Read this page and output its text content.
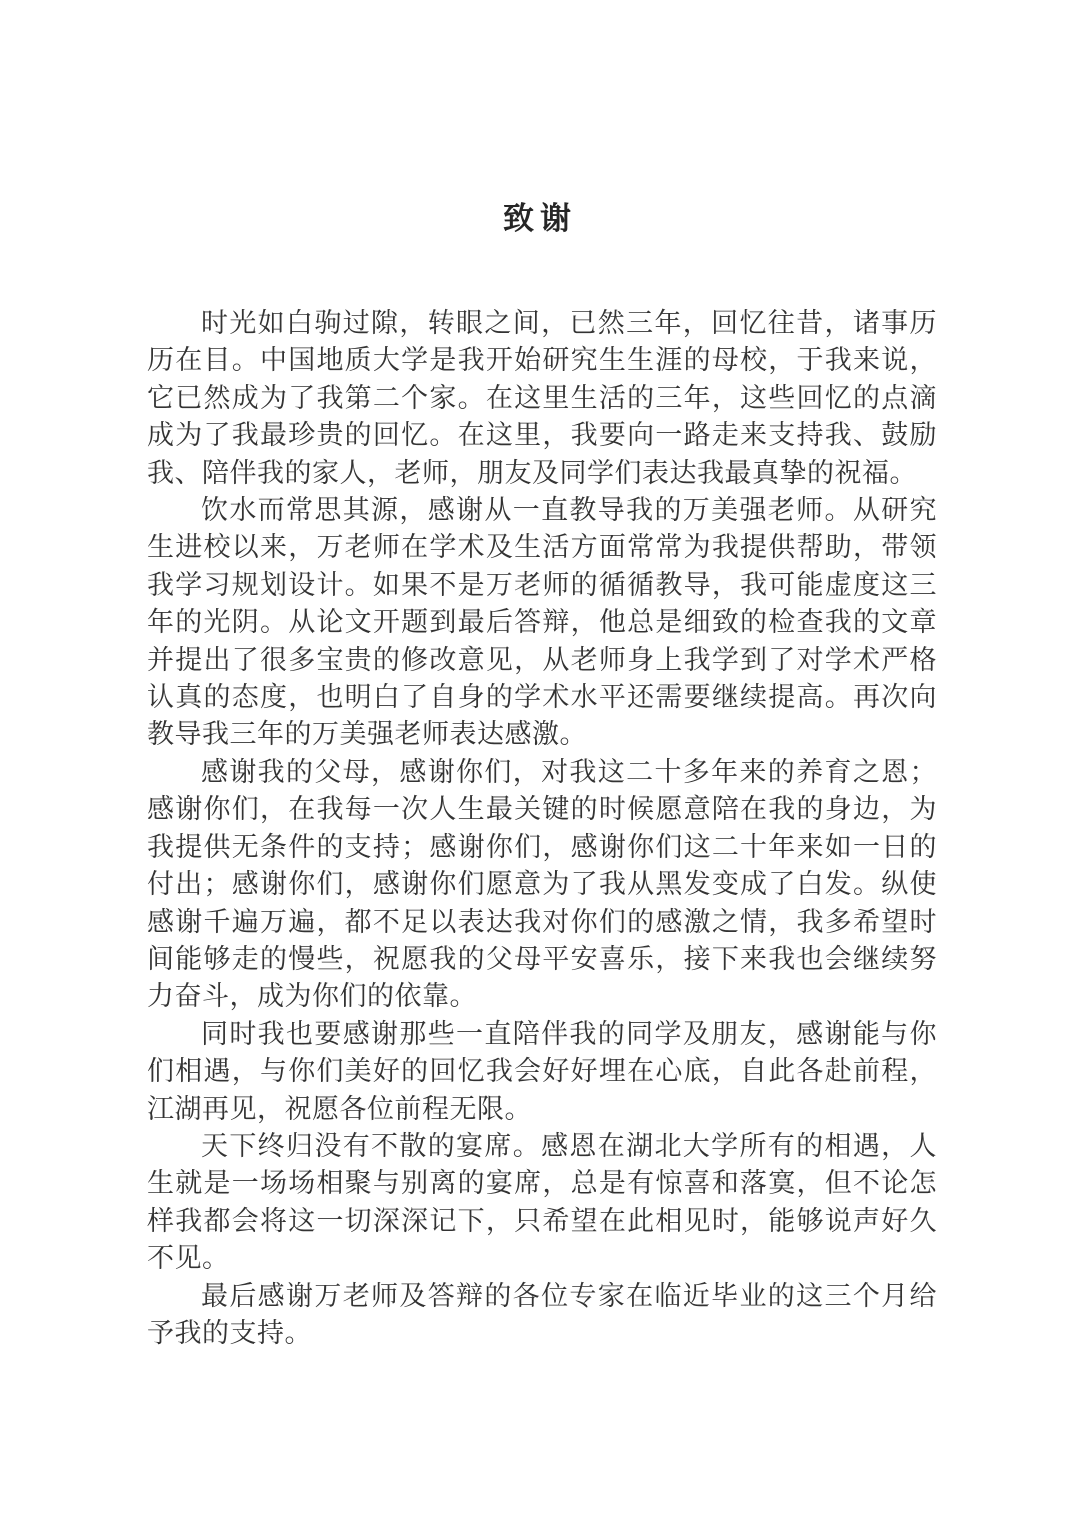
致谢

时光如白驹过隙，转眼之间，已然三年，回忆往昔，诸事历历在目。中国地质大学是我开始研究生生涯的母校，于我来说，它已然成为了我第二个家。在这里生活的三年，这些回忆的点滴成为了我最珍贵的回忆。在这里，我要向一路走来支持我、鼓励我、陪伴我的家人，老师，朋友及同学们表达我最真挚的祝福。

饮水而常思其源，感谢从一直教导我的万美强老师。从研究生进校以来，万老师在学术及生活方面常常为我提供帮助，带领我学习规划设计。如果不是万老师的循循教导，我可能虚度这三年的光阴。从论文开题到最后答辩，他总是细致的检查我的文章并提出了很多宝贵的修改意见，从老师身上我学到了对学术严格认真的态度，也明白了自身的学术水平还需要继续提高。再次向教导我三年的万美强老师表达感激。

感谢我的父母，感谢你们，对我这二十多年来的养育之恩；感谢你们，在我每一次人生最关键的时候愿意陪在我的身边，为我提供无条件的支持；感谢你们，感谢你们这二十年来如一日的付出；感谢你们，感谢你们愿意为了我从黑发变成了白发。纵使感谢千遍万遍，都不足以表达我对你们的感激之情，我多希望时间能够走的慢些，祝愿我的父母平安喜乐，接下来我也会继续努力奋斗，成为你们的依靠。

同时我也要感谢那些一直陪伴我的同学及朋友，感谢能与你们相遇，与你们美好的回忆我会好好埋在心底，自此各赴前程，江湖再见，祝愿各位前程无限。

天下终归没有不散的宴席。感恩在湖北大学所有的相遇，人生就是一场场相聚与别离的宴席，总是有惊喜和落寞，但不论怎样我都会将这一切深深记下，只希望在此相见时，能够说声好久不见。

最后感谢万老师及答辩的各位专家在临近毕业的这三个月给予我的支持。
